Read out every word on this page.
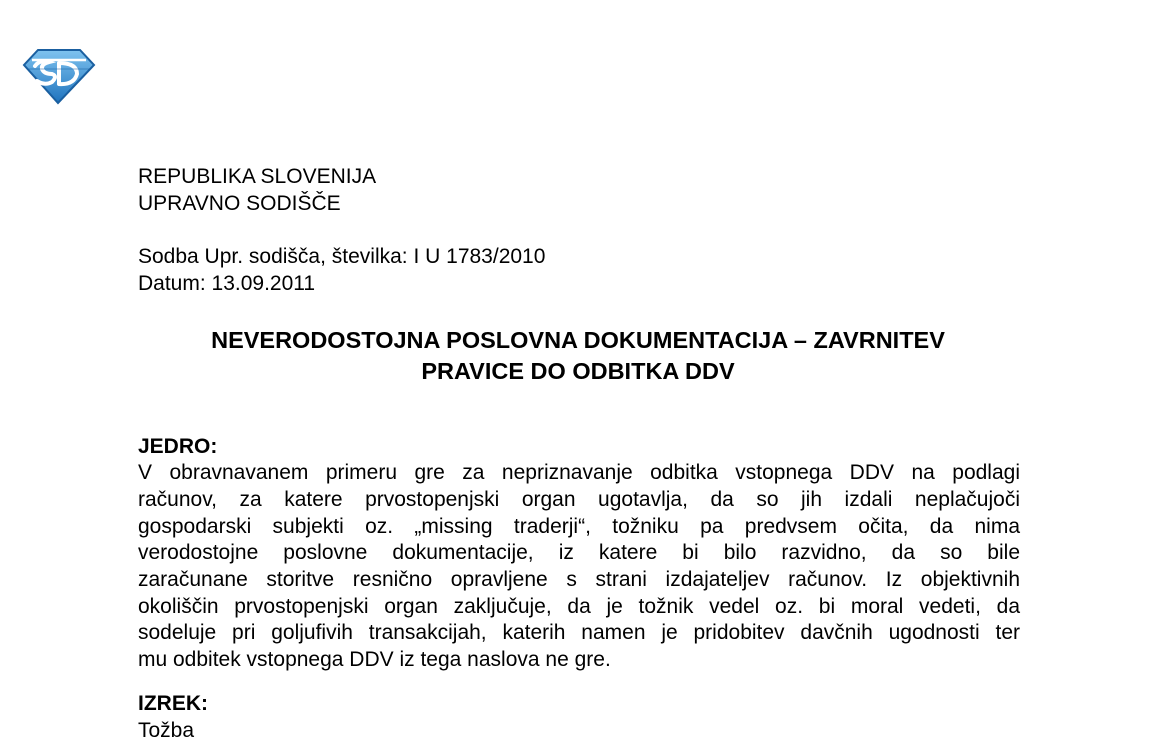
REPUBLIKA SLOVENIJA
UPRAVNO SODIŠČE
Sodba Upr. sodišča, številka: I U 1783/2010
Datum: 13.09.2011
NEVERODOSTOJNA POSLOVNA DOKUMENTACIJA – ZAVRNITEV
PRAVICE DO ODBITKA DDV
JEDRO:
V obravnavanem primeru gre za nepriznavanje odbitka vstopnega DDV na podlagi
računov, za katere prvostopenjski organ ugotavlja, da so jih izdali neplačujoči
gospodarski subjekti oz. „missing traderji“, tožniku pa predvsem očita, da nima
verodostojne poslovne dokumentacije, iz katere bi bilo razvidno, da so bile
zaračunane storitve resnično opravljene s strani izdajateljev računov. Iz objektivnih
okoliščin prvostopenjski organ zaključuje, da je tožnik vedel oz. bi moral vedeti, da
sodeluje pri goljufivih transakcijah, katerih namen je pridobitev davčnih ugodnosti ter
mu odbitek vstopnega DDV iz tega naslova ne gre.
IZREK:
Tožba
